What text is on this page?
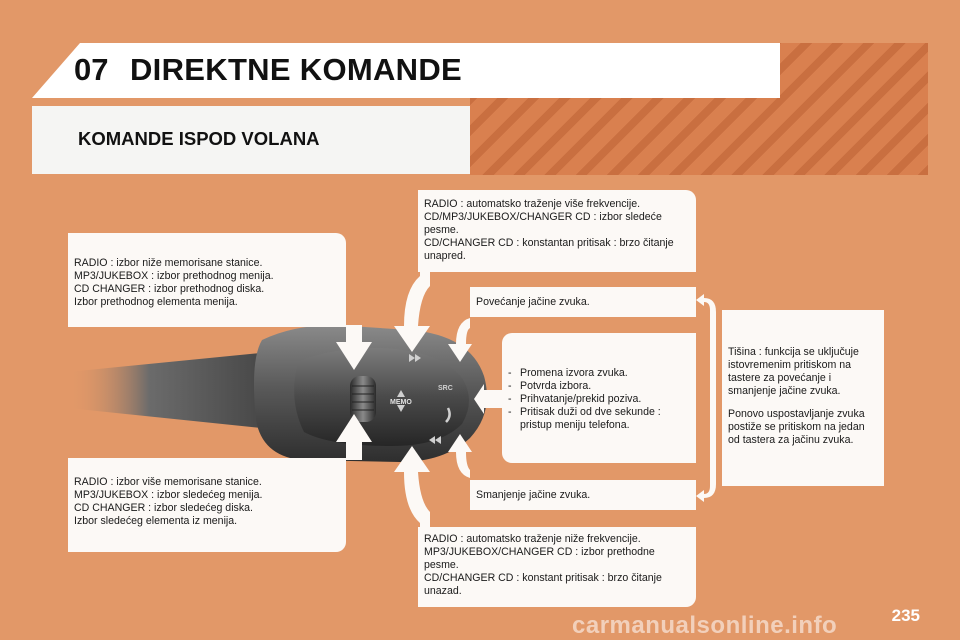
07 DIREKTNE KOMANDE
KOMANDE ISPOD VOLANA
MEMO
SRC
RADIO : izbor niže memorisane stanice.
MP3/JUKEBOX : izbor prethodnog menija.
CD CHANGER : izbor prethodnog diska.
Izbor prethodnog elementa menija.
RADIO : izbor više memorisane stanice.
MP3/JUKEBOX : izbor sledećeg menija.
CD CHANGER : izbor sledećeg diska.
Izbor sledećeg elementa iz menija.
RADIO : automatsko traženje više frekvencije.
CD/MP3/JUKEBOX/CHANGER CD : izbor sledeće
pesme.
CD/CHANGER CD : konstantan pritisak : brzo čitanje
unapred.
RADIO : automatsko traženje niže frekvencije.
MP3/JUKEBOX/CHANGER CD : izbor prethodne
pesme.
CD/CHANGER CD : konstant pritisak : brzo čitanje
unazad.
Povećanje jačine zvuka.
Smanjenje jačine zvuka.
- Promena izvora zvuka.
- Potvrda izbora.
- Prihvatanje/prekid poziva.
- Pritisak duži od dve sekunde :
pristup meniju telefona.
Tišina : funkcija se uključuje istovremenim pritiskom na tastere za povećanje i smanjenje jačine zvuka.
Ponovo uspostavljanje zvuka postiže se pritiskom na jedan od tastera za jačinu zvuka.
carmanualsonline.info	235
